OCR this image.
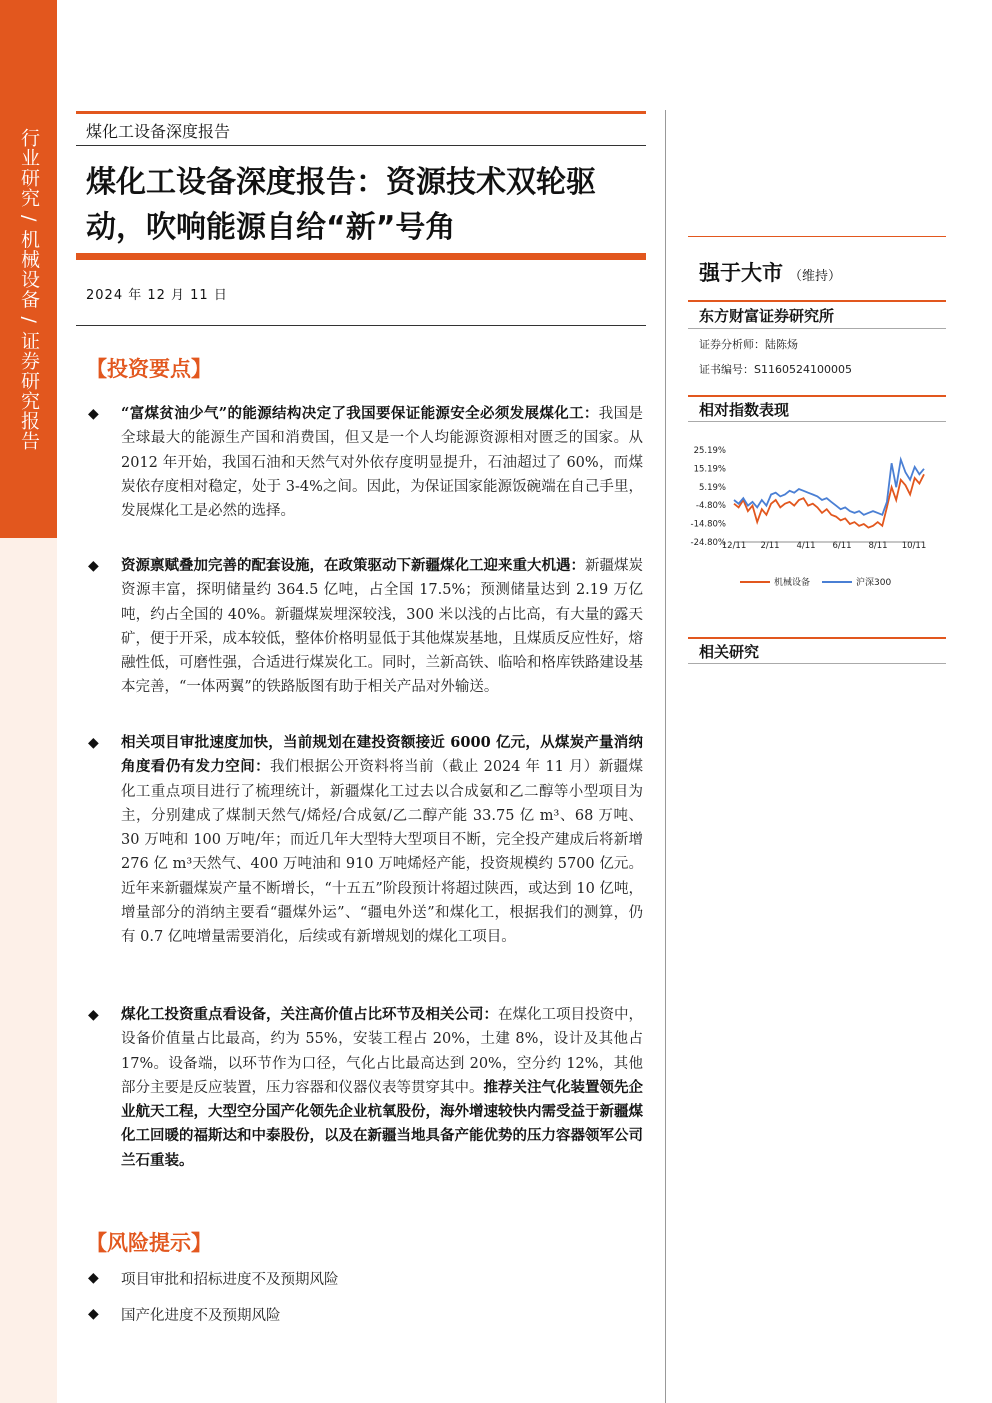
行业研究 / 机械设备 / 证券研究报告	煤化工设备深度报告
煤化工设备深度报告：资源技术双轮驱动，吹响能源自给“新”号角
2024 年 12 月 11 日
【投资要点】
◆ “富煤贫油少气”的能源结构决定了我国要保证能源安全必须发展煤化工：我国是全球最大的能源生产国和消费国，但又是一个人均能源资源相对匮乏的国家。从 2012 年开始，我国石油和天然气对外依存度明显提升，石油超过了 60%，而煤炭依存度相对稳定，处于 3-4%之间。因此，为保证国家能源饭碗端在自己手里，发展煤化工是必然的选择。
◆ 资源禀赋叠加完善的配套设施，在政策驱动下新疆煤化工迎来重大机遇：新疆煤炭资源丰富，探明储量约 364.5 亿吨，占全国 17.5%；预测储量达到 2.19 万亿吨，约占全国的 40%。新疆煤炭埋深较浅，300 米以浅的占比高，有大量的露天矿，便于开采，成本较低，整体价格明显低于其他煤炭基地，且煤质反应性好，熔融性低，可磨性强，合适进行煤炭化工。同时，兰新高铁、临哈和格库铁路建设基本完善，“一体两翼”的铁路版图有助于相关产品对外输送。
◆ 相关项目审批速度加快，当前规划在建投资额接近 6000 亿元，从煤炭产量消纳角度看仍有发力空间：我们根据公开资料将当前（截止 2024 年 11 月）新疆煤化工重点项目进行了梳理统计，新疆煤化工过去以合成氨和乙二醇等小型项目为主，分别建成了煤制天然气/烯烃/合成氨/乙二醇产能 33.75 亿 m³、68 万吨、30 万吨和 100 万吨/年；而近几年大型特大型项目不断，完全投产建成后将新增 276 亿 m³天然气、400 万吨油和 910 万吨烯烃产能，投资规模约 5700 亿元。近年来新疆煤炭产量不断增长，“十五五”阶段预计将超过陕西，或达到 10 亿吨，增量部分的消纳主要看“疆煤外运”、“疆电外送”和煤化工，根据我们的测算，仍有 0.7 亿吨增量需要消化，后续或有新增规划的煤化工项目。
◆ 煤化工投资重点看设备，关注高价值占比环节及相关公司：在煤化工项目投资中，设备价值量占比最高，约为 55%，安装工程占 20%，土建 8%，设计及其他占 17%。设备端，以环节作为口径，气化占比最高达到 20%，空分约 12%，其他部分主要是反应装置，压力容器和仪器仪表等贯穿其中。推荐关注气化装置领先企业航天工程，大型空分国产化领先企业杭氧股份，海外增速较快内需受益于新疆煤化工回暖的福斯达和中泰股份，以及在新疆当地具备产能优势的压力容器领军公司兰石重装。
【风险提示】
◆ 项目审批和招标进度不及预期风险
◆ 国产化进度不及预期风险
强于大市 （维持）
东方财富证券研究所
证券分析师：陆陈炀
证书编号：S1160524100005
相对指数表现
25.19%
15.19%
5.19%
-4.80%
-14.80%
-24.80%
12/11 2/11 4/11 6/11 8/11 10/11
机械设备	沪深300
相关研究
